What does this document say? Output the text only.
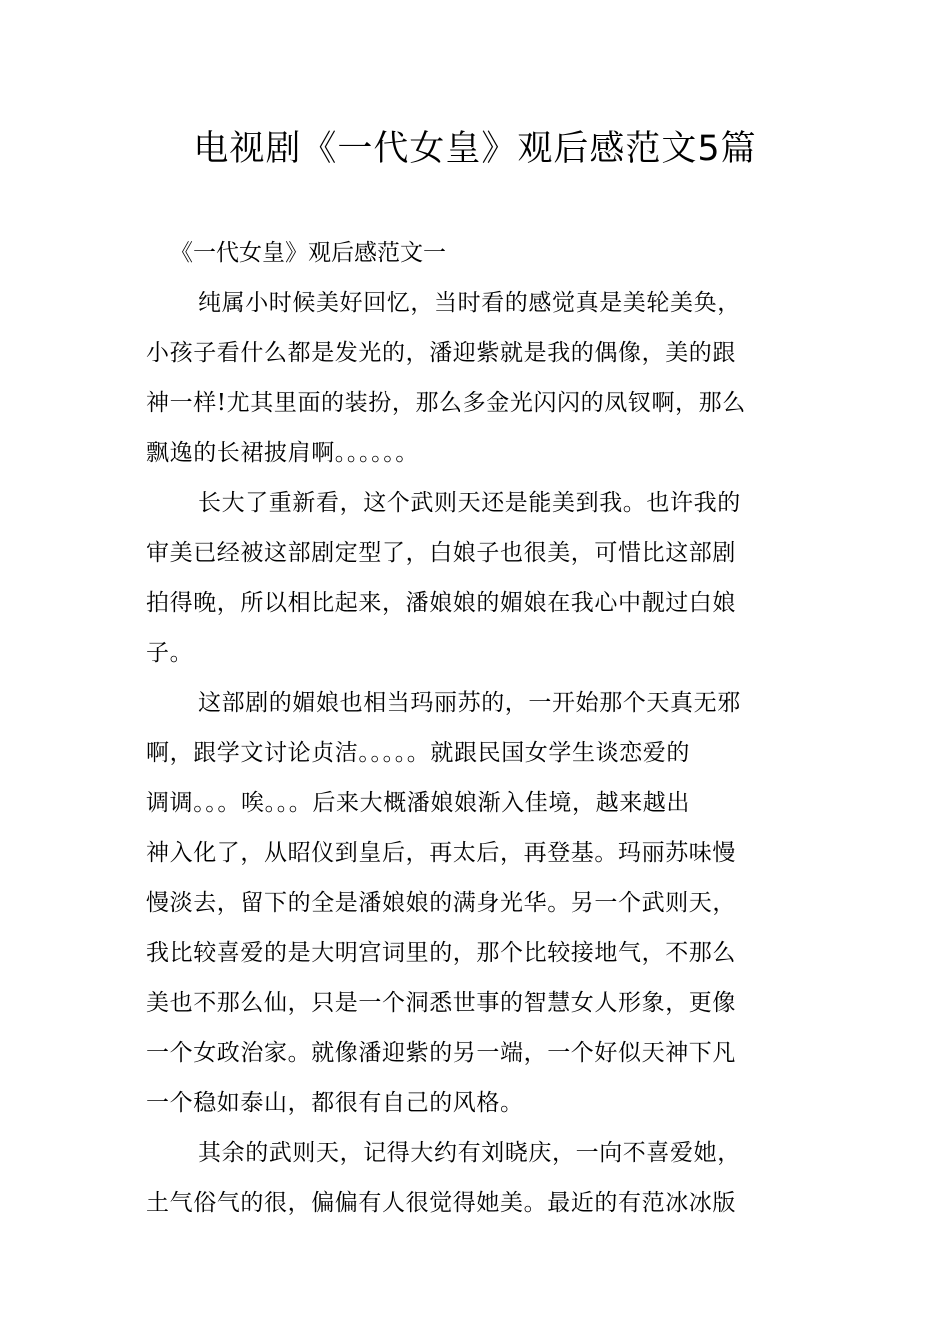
电视剧《一代女皇》观后感范文5篇

《一代女皇》观后感范文一

纯属小时候美好回忆，当时看的感觉真是美轮美奂，
小孩子看什么都是发光的，潘迎紫就是我的偶像，美的跟
神一样!尤其里面的装扮，那么多金光闪闪的凤钗啊，那么
飘逸的长裙披肩啊。。。。。。
长大了重新看，这个武则天还是能美到我。也许我的
审美已经被这部剧定型了，白娘子也很美，可惜比这部剧
拍得晚，所以相比起来，潘娘娘的媚娘在我心中靓过白娘
子。
这部剧的媚娘也相当玛丽苏的，一开始那个天真无邪
啊，跟学文讨论贞洁。。。。。就跟民国女学生谈恋爱的
调调。。。唉。。。后来大概潘娘娘渐入佳境，越来越出
神入化了，从昭仪到皇后，再太后，再登基。玛丽苏味慢
慢淡去，留下的全是潘娘娘的满身光华。另一个武则天，
我比较喜爱的是大明宫词里的，那个比较接地气，不那么
美也不那么仙，只是一个洞悉世事的智慧女人形象，更像
一个女政治家。就像潘迎紫的另一端，一个好似天神下凡
一个稳如泰山，都很有自己的风格。
其余的武则天，记得大约有刘晓庆，一向不喜爱她，
土气俗气的很，偏偏有人很觉得她美。最近的有范冰冰版
